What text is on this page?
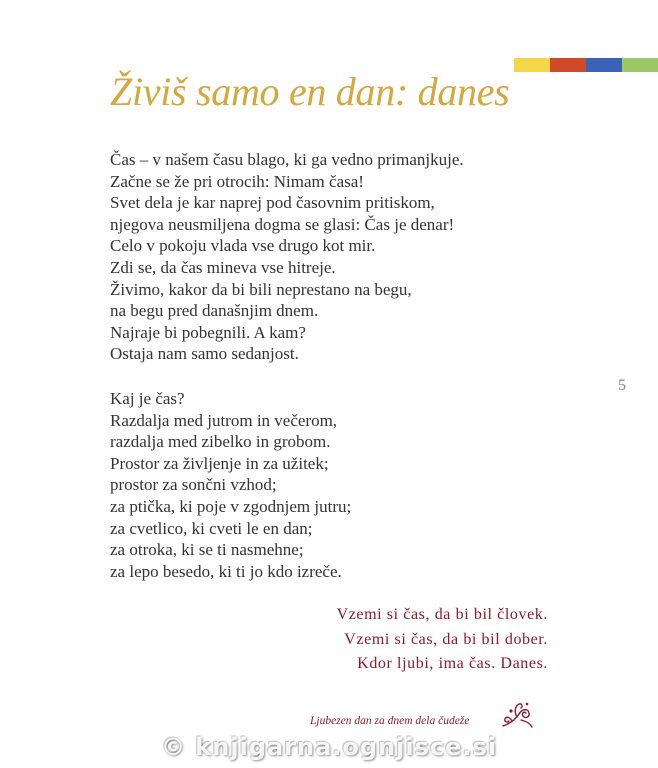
Živiš samo en dan: danes
Čas – v našem času blago, ki ga vedno primanjkuje.
Začne se že pri otrocih: Nimam časa!
Svet dela je kar naprej pod časovnim pritiskom,
njegova neusmiljena dogma se glasi: Čas je denar!
Celo v pokoju vlada vse drugo kot mir.
Zdi se, da čas mineva vse hitreje.
Živimo, kakor da bi bili neprestano na begu,
na begu pred današnjim dnem.
Najraje bi pobegnili. A kam?
Ostaja nam samo sedanjost.
5
Kaj je čas?
Razdalja med jutrom in večerom,
razdalja med zibelko in grobom.
Prostor za življenje in za užitek;
prostor za sončni vzhod;
za ptička, ki poje v zgodnjem jutru;
za cvetlico, ki cveti le en dan;
za otroka, ki se ti nasmehne;
za lepo besedo, ki ti jo kdo izreče.
Vzemi si čas, da bi bil človek.
Vzemi si čas, da bi bil dober.
Kdor ljubi, ima čas. Danes.
Ljubezen dan za dnem dela čudeže
© knjigarna.ognjisce.si
